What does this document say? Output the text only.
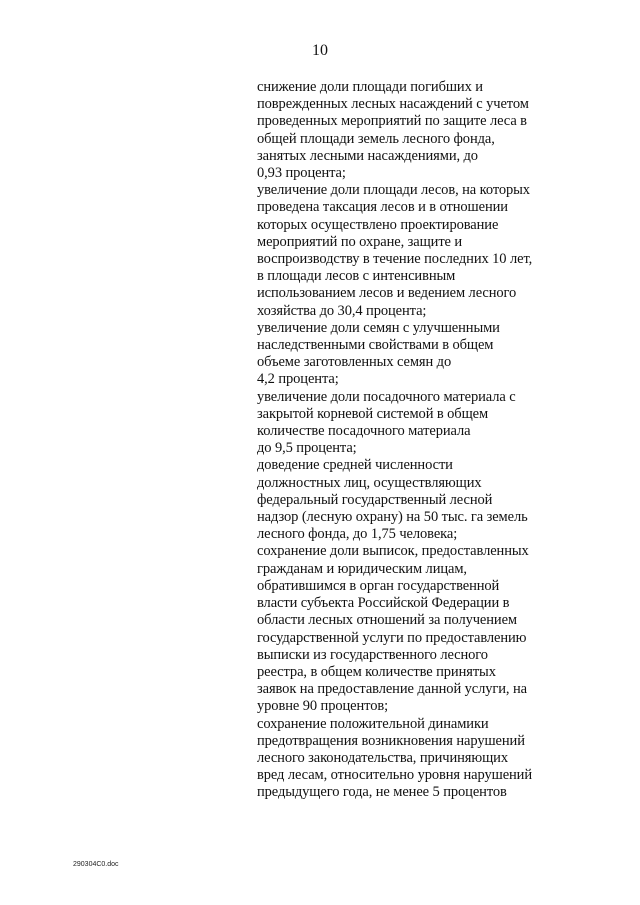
10
снижение доли площади погибших и
поврежденных лесных насаждений с учетом
проведенных мероприятий по защите леса в
общей площади земель лесного фонда,
занятых лесными насаждениями, до
0,93 процента;
увеличение доли площади лесов, на которых
проведена таксация лесов и в отношении
которых осуществлено проектирование
мероприятий по охране, защите и
воспроизводству в течение последних 10 лет,
в площади лесов с интенсивным
использованием лесов и ведением лесного
хозяйства до 30,4 процента;
увеличение доли семян с улучшенными
наследственными свойствами в общем
объеме заготовленных семян до
4,2 процента;
увеличение доли посадочного материала с
закрытой корневой системой в общем
количестве посадочного материала
до 9,5 процента;
доведение средней численности
должностных лиц, осуществляющих
федеральный государственный лесной
надзор (лесную охрану) на 50 тыс. га земель
лесного фонда, до 1,75 человека;
сохранение доли выписок, предоставленных
гражданам и юридическим лицам,
обратившимся в орган государственной
власти субъекта Российской Федерации в
области лесных отношений за получением
государственной услуги по предоставлению
выписки из государственного лесного
реестра, в общем количестве принятых
заявок на предоставление данной услуги, на
уровне 90 процентов;
сохранение положительной динамики
предотвращения возникновения нарушений
лесного законодательства, причиняющих
вред лесам, относительно уровня нарушений
предыдущего года, не менее 5 процентов
290304C0.doc
